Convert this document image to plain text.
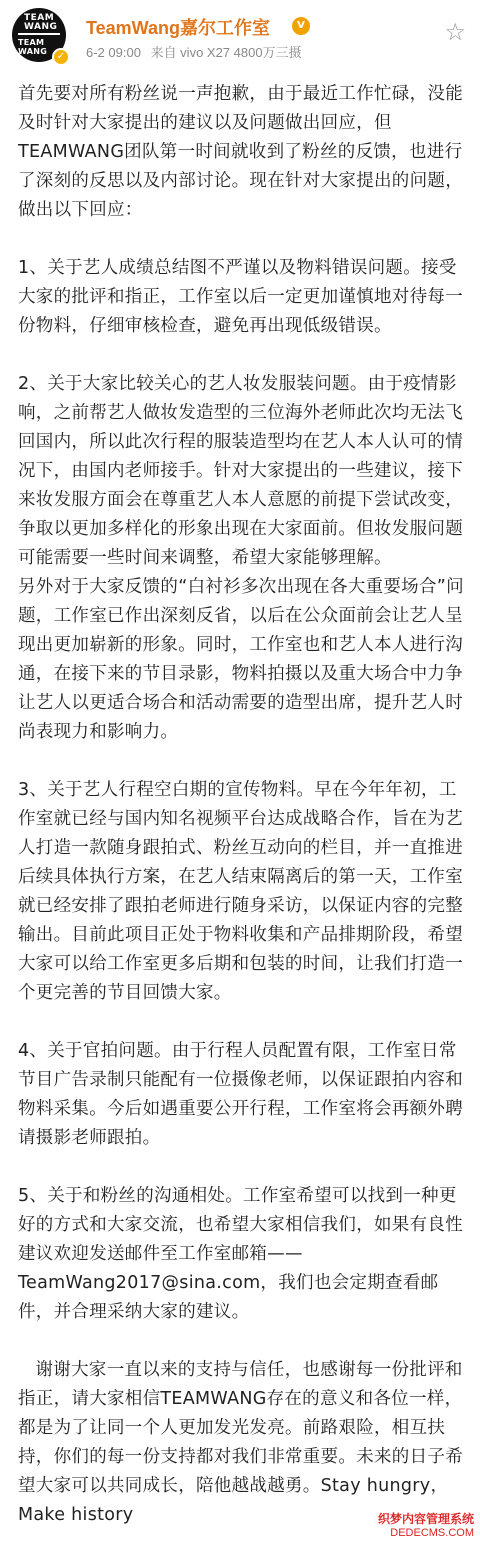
TEAM WANG
TEAM WANG ✓
TeamWang嘉尔工作室	V
6-2 09:00 来自 vivo X27 4800万三摄
☆

首先要对所有粉丝说一声抱歉，由于最近工作忙碌，没能及时针对大家提出的建议以及问题做出回应，但TEAMWANG团队第一时间就收到了粉丝的反馈，也进行了深刻的反思以及内部讨论。现在针对大家提出的问题，做出以下回应：

1、关于艺人成绩总结图不严谨以及物料错误问题。接受大家的批评和指正，工作室以后一定更加谨慎地对待每一份物料，仔细审核检查，避免再出现低级错误。

2、关于大家比较关心的艺人妆发服装问题。由于疫情影响，之前帮艺人做妆发造型的三位海外老师此次均无法飞回国内，所以此次行程的服装造型均在艺人本人认可的情况下，由国内老师接手。针对大家提出的一些建议，接下来妆发服方面会在尊重艺人本人意愿的前提下尝试改变，争取以更加多样化的形象出现在大家面前。但妆发服问题可能需要一些时间来调整，希望大家能够理解。

另外对于大家反馈的“白衬衫多次出现在各大重要场合”问题，工作室已作出深刻反省，以后在公众面前会让艺人呈现出更加崭新的形象。同时，工作室也和艺人本人进行沟通，在接下来的节目录影，物料拍摄以及重大场合中力争让艺人以更适合场合和活动需要的造型出席，提升艺人时尚表现力和影响力。

3、关于艺人行程空白期的宣传物料。早在今年年初，工作室就已经与国内知名视频平台达成战略合作，旨在为艺人打造一款随身跟拍式、粉丝互动向的栏目，并一直推进后续具体执行方案，在艺人结束隔离后的第一天，工作室就已经安排了跟拍老师进行随身采访，以保证内容的完整输出。目前此项目正处于物料收集和产品排期阶段，希望大家可以给工作室更多后期和包装的时间，让我们打造一个更完善的节目回馈大家。

4、关于官拍问题。由于行程人员配置有限，工作室日常节目广告录制只能配有一位摄像老师，以保证跟拍内容和物料采集。今后如遇重要公开行程，工作室将会再额外聘请摄影老师跟拍。

5、关于和粉丝的沟通相处。工作室希望可以找到一种更好的方式和大家交流，也希望大家相信我们，如果有良性建议欢迎发送邮件至工作室邮箱——TeamWang2017@sina.com，我们也会定期查看邮件，并合理采纳大家的建议。

谢谢大家一直以来的支持与信任，也感谢每一份批评和指正，请大家相信TEAMWANG存在的意义和各位一样，都是为了让同一个人更加发光发亮。前路艰险，相互扶持，你们的每一份支持都对我们非常重要。未来的日子希望大家可以共同成长，陪他越战越勇。Stay hungry，Make history	织梦内容管理系统
DEDECMS.COM
